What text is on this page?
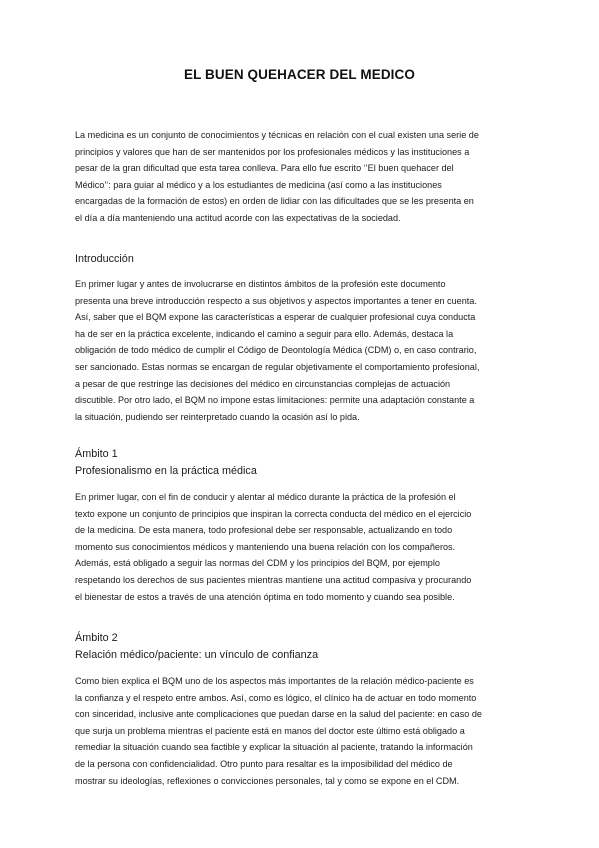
EL BUEN QUEHACER DEL MEDICO
La medicina es un conjunto de conocimientos y técnicas en relación con el cual existen una serie de
principios y valores que han de ser mantenidos por los profesionales médicos y las instituciones a
pesar de la gran dificultad que esta tarea conlleva. Para ello fue escrito ‘’El buen quehacer del
Médico’’: para guiar al médico y a los estudiantes de medicina (así como a las instituciones
encargadas de la formación de estos) en orden de lidiar con las dificultades que se les presenta en
el día a día manteniendo una actitud acorde con las expectativas de la sociedad.
Introducción
En primer lugar y antes de involucrarse en distintos ámbitos de la profesión este documento
presenta una breve introducción respecto a sus objetivos y aspectos importantes a tener en cuenta.
Así, saber que el BQM expone las características a esperar de cualquier profesional cuya conducta
ha de ser en la práctica excelente, indicando el camino a seguir para ello. Además, destaca la
obligación de todo médico de cumplir el Código de Deontología Médica (CDM) o, en caso contrario,
ser sancionado. Estas normas se encargan de regular objetivamente el comportamiento profesional,
a pesar de que restringe las decisiones del médico en circunstancias complejas de actuación
discutible. Por otro lado, el BQM no impone estas limitaciones: permite una adaptación constante a
la situación, pudiendo ser reinterpretado cuando la ocasión así lo pida.
Ámbito 1
Profesionalismo en la práctica médica
En primer lugar, con el fin de conducir y alentar al médico durante la práctica de la profesión el
texto expone un conjunto de principios que inspiran la correcta conducta del médico en el ejercicio
de la medicina. De esta manera, todo profesional debe ser responsable, actualizando en todo
momento sus conocimientos médicos y manteniendo una buena relación con los compañeros.
Además, está obligado a seguir las normas del CDM y los principios del BQM, por ejemplo
respetando los derechos de sus pacientes mientras mantiene una actitud compasiva y procurando
el bienestar de estos a través de una atención óptima en todo momento y cuando sea posible.
Ámbito 2
Relación médico/paciente: un vínculo de confianza
Como bien explica el BQM uno de los aspectos más importantes de la relación médico-paciente es
la confianza y el respeto entre ambos. Así, como es lógico, el clínico ha de actuar en todo momento
con sinceridad, inclusive ante complicaciones que puedan darse en la salud del paciente: en caso de
que surja un problema mientras el paciente está en manos del doctor este último está obligado a
remediar la situación cuando sea factible y explicar la situación al paciente, tratando la información
de la persona con confidencialidad. Otro punto para resaltar es la imposibilidad del médico de
mostrar su ideologías, reflexiones o convicciones personales, tal y como se expone en el CDM.
